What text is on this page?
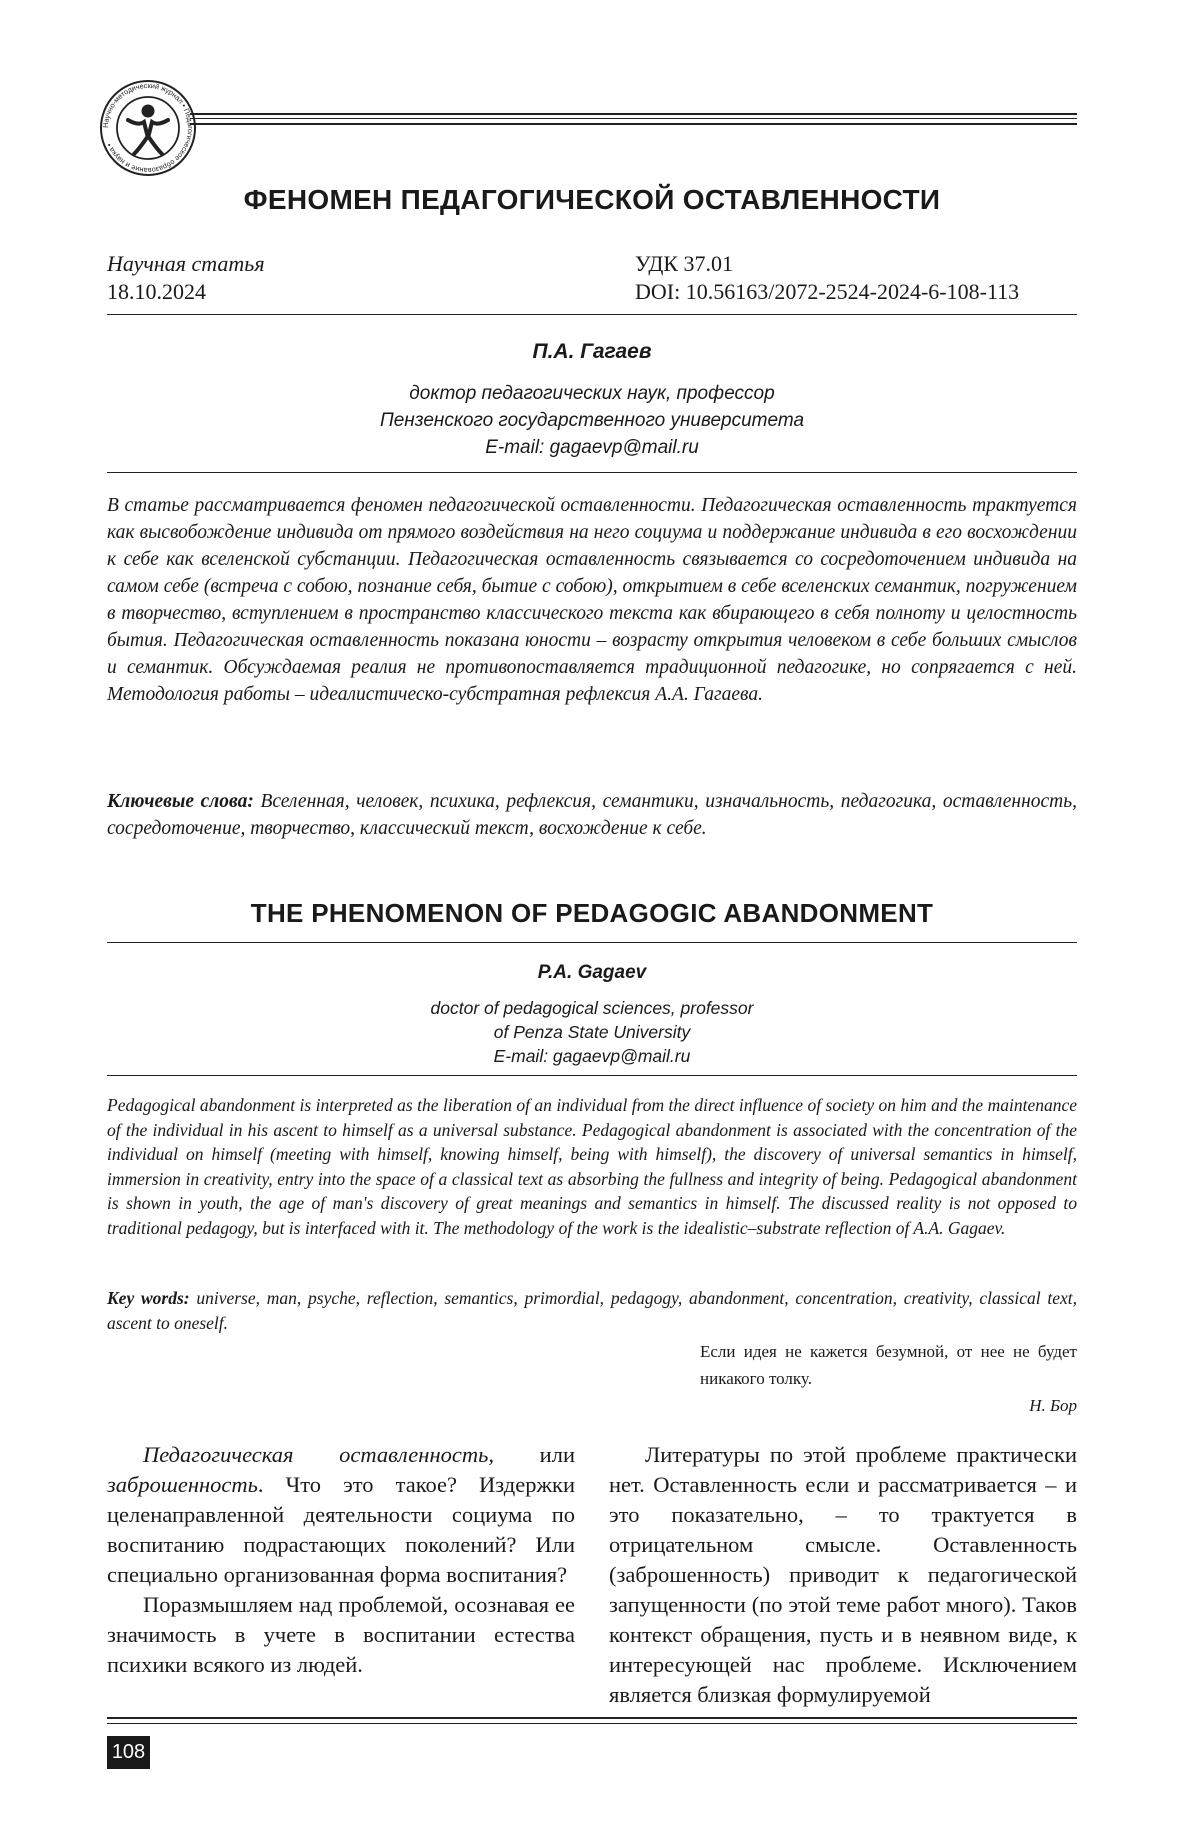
Научно-методический журнал • Педагогическое образование и наука •
ФЕНОМЕН ПЕДАГОГИЧЕСКОЙ ОСТАВЛЕННОСТИ
Научная статья
18.10.2024
УДК 37.01
DOI: 10.56163/2072-2524-2024-6-108-113
П.А. Гагаев
доктор педагогических наук, профессор
Пензенского государственного университета
E-mail: gagaevp@mail.ru
В статье рассматривается феномен педагогической оставленности. Педагогическая оставленность трактуется как высвобождение индивида от прямого воздействия на него социума и поддержание индивида в его восхождении к себе как вселенской субстанции. Педагогическая оставленность связывается со сосредоточением индивида на самом себе (встреча с собою, познание себя, бытие с собою), открытием в себе вселенских семантик, погружением в творчество, вступлением в пространство классического текста как вбирающего в себя полноту и целостность бытия. Педагогическая оставленность показана юности – возрасту открытия человеком в себе больших смыслов и семантик. Обсуждаемая реалия не противопоставляется традиционной педагогике, но сопрягается с ней. Методология работы – идеалистическо-субстратная рефлексия А.А. Гагаева.
Ключевые слова: Вселенная, человек, психика, рефлексия, семантики, изначальность, педагогика, оставленность, сосредоточение, творчество, классический текст, восхождение к себе.
THE PHENOMENON OF PEDAGOGIC ABANDONMENT
P.A. Gagaev
doctor of pedagogical sciences, professor
of Penza State University
E-mail: gagaevp@mail.ru
Pedagogical abandonment is interpreted as the liberation of an individual from the direct influence of society on him and the maintenance of the individual in his ascent to himself as a universal substance. Pedagogical abandonment is associated with the concentration of the individual on himself (meeting with himself, knowing himself, being with himself), the discovery of universal semantics in himself, immersion in creativity, entry into the space of a classical text as absorbing the fullness and integrity of being. Pedagogical abandonment is shown in youth, the age of man's discovery of great meanings and semantics in himself. The discussed reality is not opposed to traditional pedagogy, but is interfaced with it. The methodology of the work is the idealistic–substrate reflection of A.A. Gagaev.
Key words: universe, man, psyche, reflection, semantics, primordial, pedagogy, abandonment, concentration, creativity, classical text, ascent to oneself.
Если идея не кажется безумной, от нее не будет никакого толку.
Н. Бор

Педагогическая оставленность, или заброшенность. Что это такое? Издержки целенаправленной деятельности социума по воспитанию подрастающих поколений? Или специально организованная форма воспитания?

Поразмышляем над проблемой, осознавая ее значимость в учете в воспитании естества психики всякого из людей.

Литературы по этой проблеме практически нет. Оставленность если и рассматривается – и это показательно, – то трактуется в отрицательном смысле. Оставленность (заброшенность) приводит к педагогической запущенности (по этой теме работ много). Таков контекст обращения, пусть и в неявном виде, к интересующей нас проблеме. Исключением является близкая формулируемой

108
